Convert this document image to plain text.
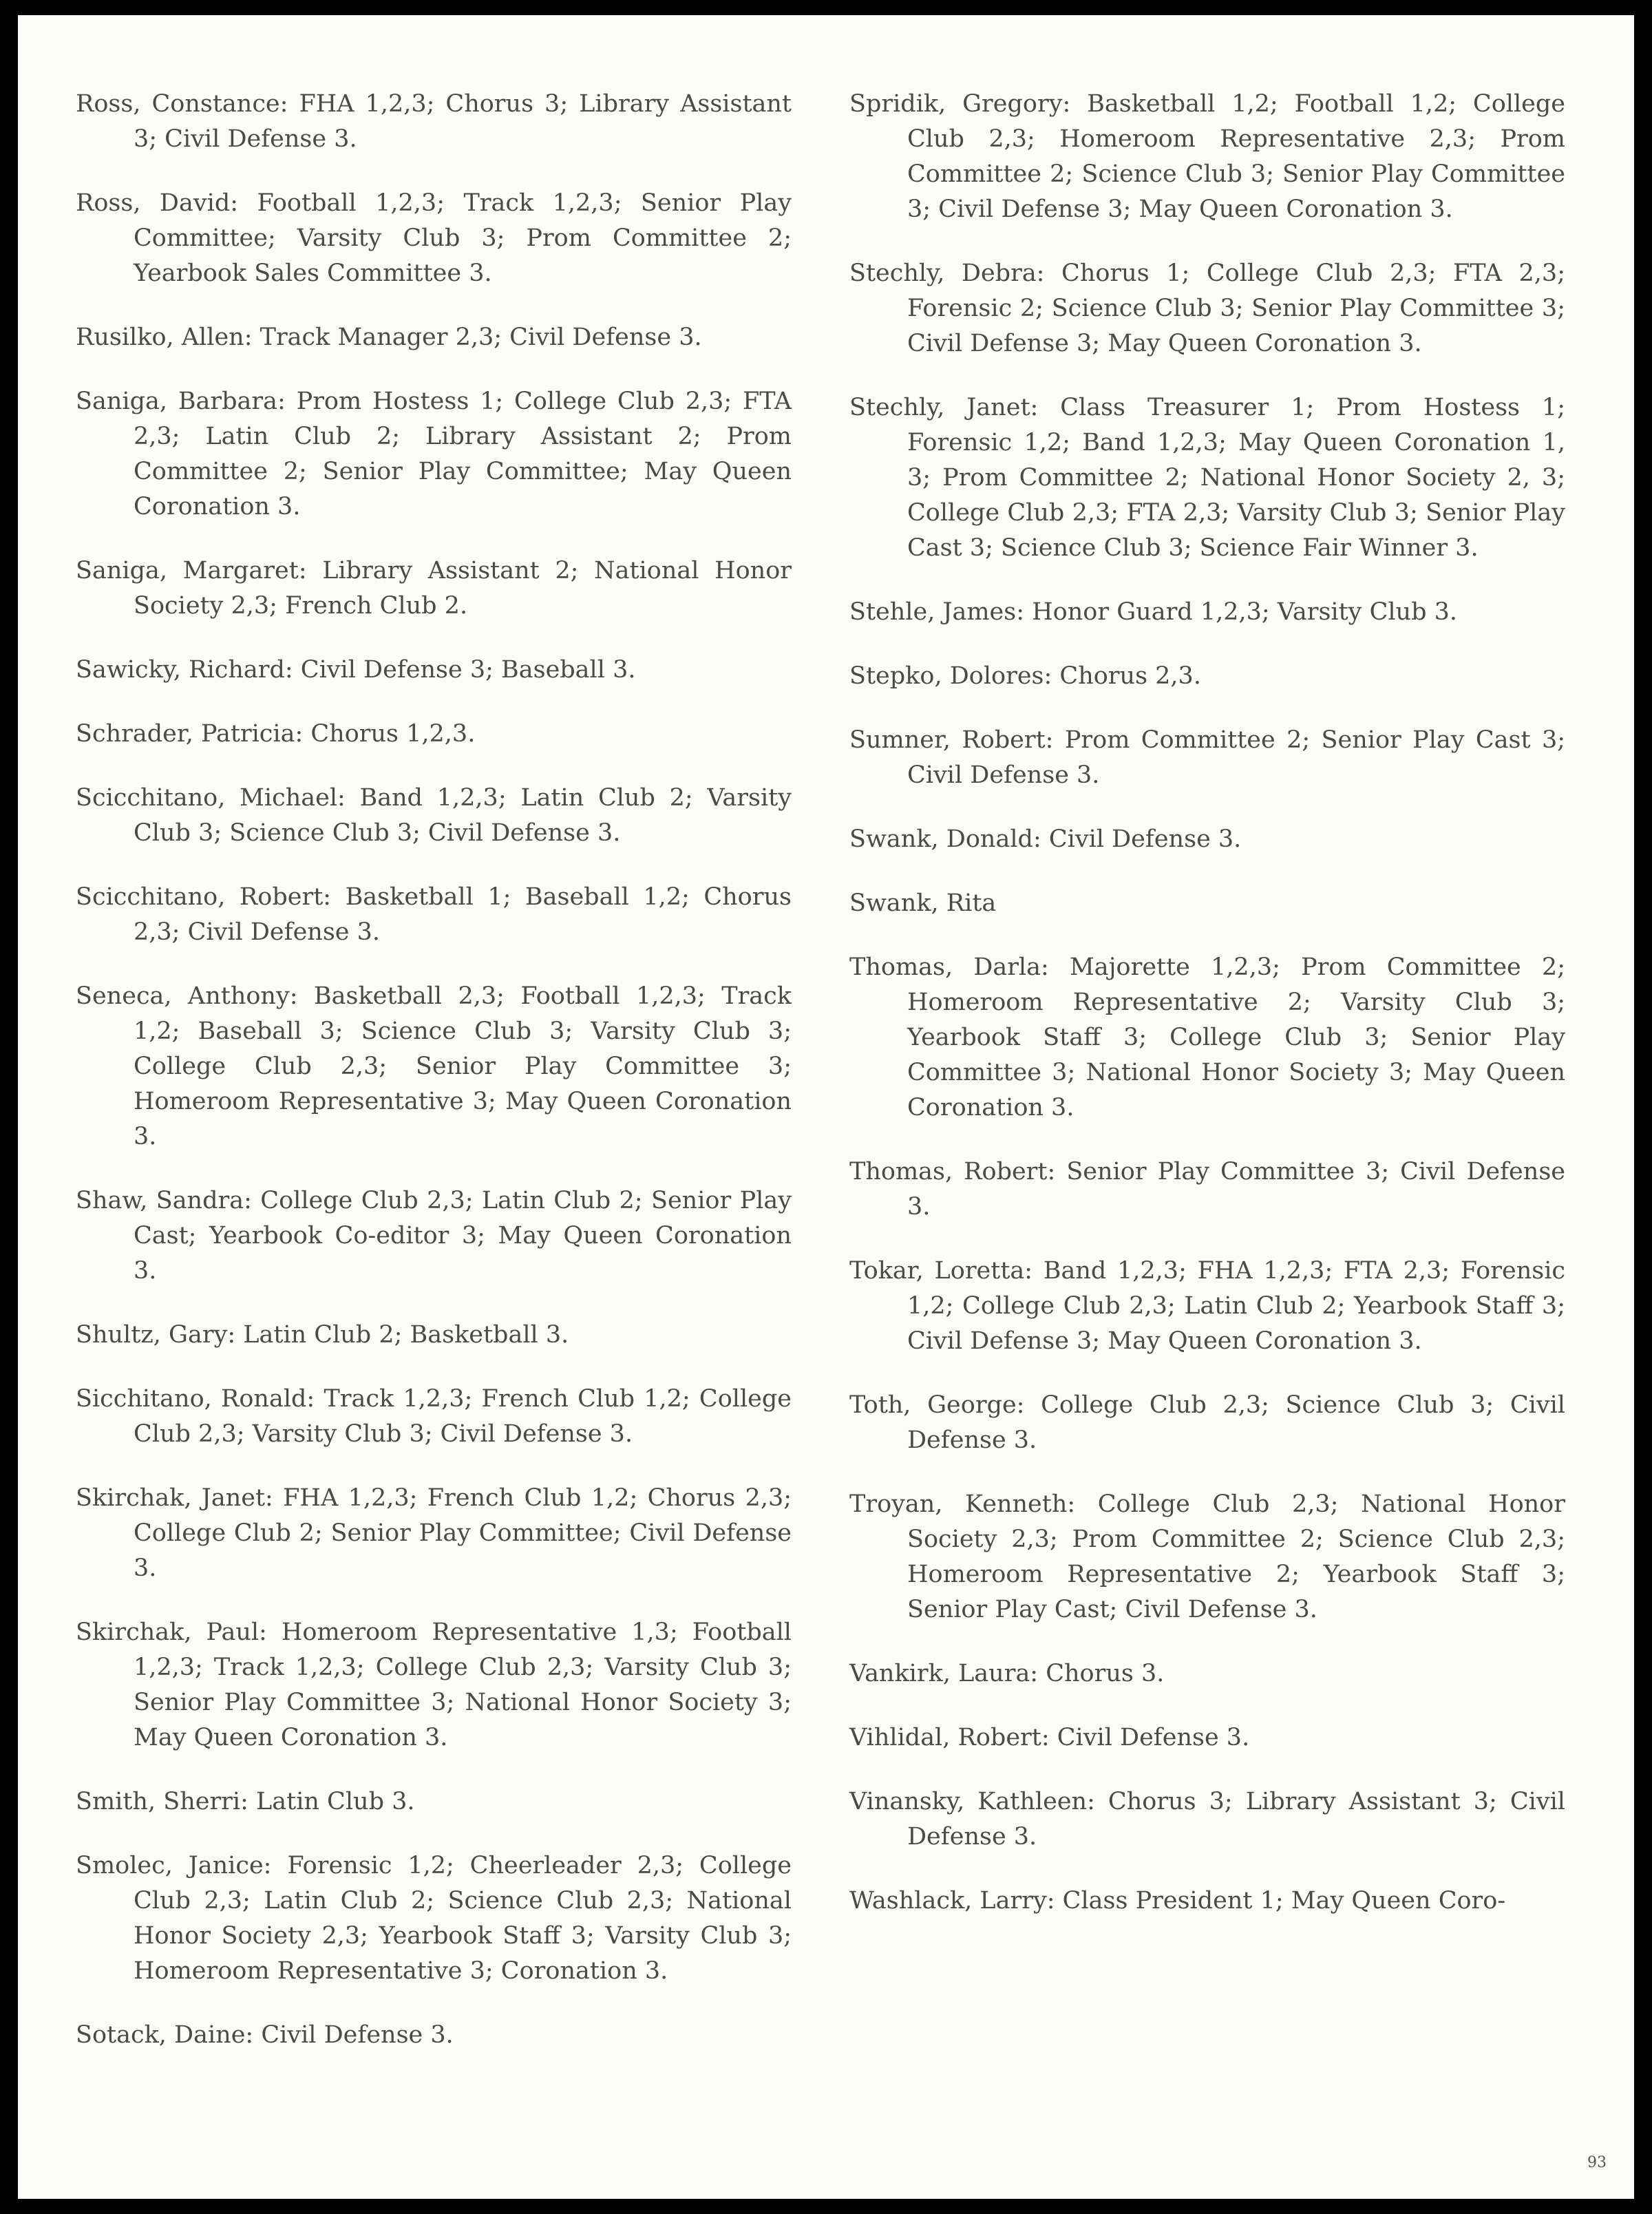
Ross, Constance: FHA 1,2,3; Chorus 3; Library Assistant 3; Civil Defense 3.

Ross, David: Football 1,2,3; Track 1,2,3; Senior Play Committee; Varsity Club 3; Prom Committee 2; Yearbook Sales Committee 3.

Rusilko, Allen: Track Manager 2,3; Civil Defense 3.

Saniga, Barbara: Prom Hostess 1; College Club 2,3; FTA 2,3; Latin Club 2; Library Assistant 2; Prom Committee 2; Senior Play Committee; May Queen Coronation 3.

Saniga, Margaret: Library Assistant 2; National Honor Society 2,3; French Club 2.

Sawicky, Richard: Civil Defense 3; Baseball 3.

Schrader, Patricia: Chorus 1,2,3.

Scicchitano, Michael: Band 1,2,3; Latin Club 2; Varsity Club 3; Science Club 3; Civil Defense 3.

Scicchitano, Robert: Basketball 1; Baseball 1,2; Chorus 2,3; Civil Defense 3.

Seneca, Anthony: Basketball 2,3; Football 1,2,3; Track 1,2; Baseball 3; Science Club 3; Varsity Club 3; College Club 2,3; Senior Play Committee 3; Homeroom Representative 3; May Queen Coronation 3.

Shaw, Sandra: College Club 2,3; Latin Club 2; Senior Play Cast; Yearbook Co-editor 3; May Queen Coronation 3.

Shultz, Gary: Latin Club 2; Basketball 3.

Sicchitano, Ronald: Track 1,2,3; French Club 1,2; College Club 2,3; Varsity Club 3; Civil Defense 3.

Skirchak, Janet: FHA 1,2,3; French Club 1,2; Chorus 2,3; College Club 2; Senior Play Committee; Civil Defense 3.

Skirchak, Paul: Homeroom Representative 1,3; Football 1,2,3; Track 1,2,3; College Club 2,3; Varsity Club 3; Senior Play Committee 3; National Honor Society 3; May Queen Coronation 3.

Smith, Sherri: Latin Club 3.

Smolec, Janice: Forensic 1,2; Cheerleader 2,3; College Club 2,3; Latin Club 2; Science Club 2,3; National Honor Society 2,3; Yearbook Staff 3; Varsity Club 3; Homeroom Representative 3; Coronation 3.

Sotack, Daine: Civil Defense 3.

Spridik, Gregory: Basketball 1,2; Football 1,2; College Club 2,3; Homeroom Representative 2,3; Prom Committee 2; Science Club 3; Senior Play Committee 3; Civil Defense 3; May Queen Coronation 3.

Stechly, Debra: Chorus 1; College Club 2,3; FTA 2,3; Forensic 2; Science Club 3; Senior Play Committee 3; Civil Defense 3; May Queen Coronation 3.

Stechly, Janet: Class Treasurer 1; Prom Hostess 1; Forensic 1,2; Band 1,2,3; May Queen Coronation 1, 3; Prom Committee 2; National Honor Society 2, 3; College Club 2,3; FTA 2,3; Varsity Club 3; Senior Play Cast 3; Science Club 3; Science Fair Winner 3.

Stehle, James: Honor Guard 1,2,3; Varsity Club 3.

Stepko, Dolores: Chorus 2,3.

Sumner, Robert: Prom Committee 2; Senior Play Cast 3; Civil Defense 3.

Swank, Donald: Civil Defense 3.

Swank, Rita

Thomas, Darla: Majorette 1,2,3; Prom Committee 2; Homeroom Representative 2; Varsity Club 3; Yearbook Staff 3; College Club 3; Senior Play Committee 3; National Honor Society 3; May Queen Coronation 3.

Thomas, Robert: Senior Play Committee 3; Civil Defense 3.

Tokar, Loretta: Band 1,2,3; FHA 1,2,3; FTA 2,3; Forensic 1,2; College Club 2,3; Latin Club 2; Yearbook Staff 3; Civil Defense 3; May Queen Coronation 3.

Toth, George: College Club 2,3; Science Club 3; Civil Defense 3.

Troyan, Kenneth: College Club 2,3; National Honor Society 2,3; Prom Committee 2; Science Club 2,3; Homeroom Representative 2; Yearbook Staff 3; Senior Play Cast; Civil Defense 3.

Vankirk, Laura: Chorus 3.

Vihlidal, Robert: Civil Defense 3.

Vinansky, Kathleen: Chorus 3; Library Assistant 3; Civil Defense 3.

Washlack, Larry: Class President 1; May Queen Coro-

93
